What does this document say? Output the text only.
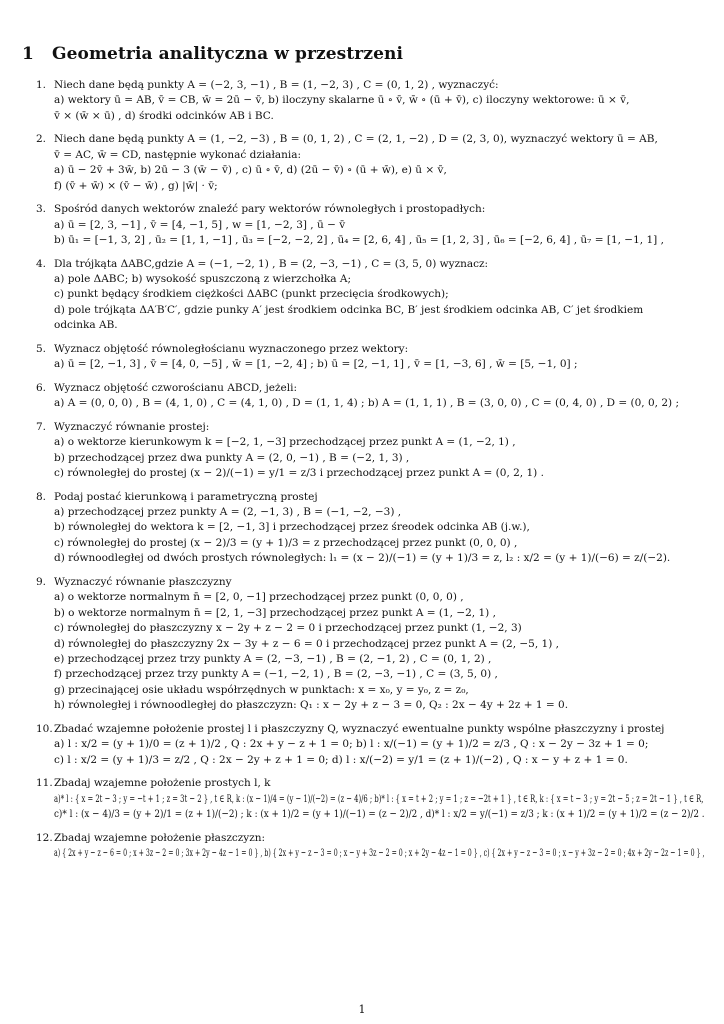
1 Geometria analityczna w przestrzeni
1. Niech dane będą punkty A = (−2, 3, −1) , B = (1, −2, 3) , C = (0, 1, 2) , wyznaczyć:
a) wektory ū = AB, v̄ = CB, w̄ = 2ū − v̄, b) iloczyny skalarne ū ∘ v̄, w̄ ∘ (ū + v̄), c) iloczyny wektorowe: ū × v̄,
v̄ × (w̄ × ū) , d) środki odcinków AB i BC.
2. Niech dane będą punkty A = (1, −2, −3) , B = (0, 1, 2) , C = (2, 1, −2) , D = (2, 3, 0), wyznaczyć wektory ū = AB,
v̄ = AC, w̄ = CD, następnie wykonać działania:
a) ū − 2v̄ + 3w̄, b) 2ū − 3 (w̄ − v̄) , c) ū ∘ v̄, d) (2ū − v̄) ∘ (ū + w̄), e) ū × v̄,
f) (v̄ + w̄) × (v̄ − w̄) , g) |w̄| · v̄;
3. Spośród danych wektorów znaleźć pary wektorów równoległych i prostopadłych:
a) ū = [2, 3, −1] , v̄ = [4, −1, 5] , w = [1, −2, 3] , ū − v̄
b) ū₁ = [−1, 3, 2] , ū₂ = [1, 1, −1] , ū₃ = [−2, −2, 2] , ū₄ = [2, 6, 4] , ū₅ = [1, 2, 3] , ū₆ = [−2, 6, 4] , ū₇ = [1, −1, 1] ,
4. Dla trójkąta ΔABC,gdzie A = (−1, −2, 1) , B = (2, −3, −1) , C = (3, 5, 0) wyznacz:
a) pole ΔABC; b) wysokość spuszczoną z wierzchołka A;
c) punkt będący środkiem ciężkości ΔABC (punkt przecięcia środkowych);
d) pole trójkąta ΔA′B′C′, gdzie punky A′ jest środkiem odcinka BC, B′ jest środkiem odcinka AB, C′ jet środkiem
odcinka AB.
5. Wyznacz objętość równoległościanu wyznaczonego przez wektory:
a) ū = [2, −1, 3] , v̄ = [4, 0, −5] , w̄ = [1, −2, 4] ; b) ū = [2, −1, 1] , v̄ = [1, −3, 6] , w̄ = [5, −1, 0] ;
6. Wyznacz objętość czworościanu ABCD, jeżeli:
a) A = (0, 0, 0) , B = (4, 1, 0) , C = (4, 1, 0) , D = (1, 1, 4) ; b) A = (1, 1, 1) , B = (3, 0, 0) , C = (0, 4, 0) , D = (0, 0, 2) ;
7. Wyznaczyć równanie prostej:
a) o wektorze kierunkowym k = [−2, 1, −3] przechodzącej przez punkt A = (1, −2, 1) ,
b) przechodzącej przez dwa punkty A = (2, 0, −1) , B = (−2, 1, 3) ,
c) równoległej do prostej (x − 2)/(−1) = y/1 = z/3 i przechodzącej przez punkt A = (0, 2, 1) .
8. Podaj postać kierunkową i parametryczną prostej
a) przechodzącej przez punkty A = (2, −1, 3) , B = (−1, −2, −3) ,
b) równoległej do wektora k = [2, −1, 3] i przechodzącej przez śreodek odcinka AB (j.w.),
c) równoległej do prostej (x − 2)/3 = (y + 1)/3 = z przechodzącej przez punkt (0, 0, 0) ,
d) równoodległej od dwóch prostych równoległych: l₁ = (x − 2)/(−1) = (y + 1)/3 = z, l₂ : x/2 = (y + 1)/(−6) = z/(−2).
9. Wyznaczyć równanie płaszczyzny
a) o wektorze normalnym n̄ = [2, 0, −1] przechodzącej przez punkt (0, 0, 0) ,
b) o wektorze normalnym n̄ = [2, 1, −3] przechodzącej przez punkt A = (1, −2, 1) ,
c) równoległej do płaszczyzny x − 2y + z − 2 = 0 i przechodzącej przez punkt (1, −2, 3)
d) równoległej do płaszczyzny 2x − 3y + z − 6 = 0 i przechodzącej przez punkt A = (2, −5, 1) ,
e) przechodzącej przez trzy punkty A = (2, −3, −1) , B = (2, −1, 2) , C = (0, 1, 2) ,
f) przechodzącej przez trzy punkty A = (−1, −2, 1) , B = (2, −3, −1) , C = (3, 5, 0) ,
g) przecinającej osie układu współrzędnych w punktach: x = x₀, y = y₀, z = z₀,
h) równoległej i równoodległej do płaszczyzn: Q₁ : x − 2y + z − 3 = 0, Q₂ : 2x − 4y + 2z + 1 = 0.
10. Zbadać wzajemne położenie prostej l i płaszczyzny Q, wyznaczyć ewentualne punkty wspólne płaszczyzny i prostej
a) l : x/2 = (y + 1)/0 = (z + 1)/2 , Q : 2x + y − z + 1 = 0; b) l : x/(−1) = (y + 1)/2 = z/3 , Q : x − 2y − 3z + 1 = 0;
c) l : x/2 = (y + 1)/3 = z/2 , Q : 2x − 2y + z + 1 = 0; d) l : x/(−2) = y/1 = (z + 1)/(−2) , Q : x − y + z + 1 = 0.
11. Zbadaj wzajemne położenie prostych l, k
a)* l : { x = 2t − 3 ; y = −t + 1 ; z = 3t − 2 } , t ∈ R, k : (x − 1)/4 = (y − 1)/(−2) = (z − 4)/6 ; b)* l : { x = t + 2 ; y = 1 ; z = −2t + 1 } , t ∈ R, k : { x = t − 3 ; y = 2t − 5 ; z = 2t − 1 } , t ∈ R,
c)* l : (x − 4)/3 = (y + 2)/1 = (z + 1)/(−2) ; k : (x + 1)/2 = (y + 1)/(−1) = (z − 2)/2 , d)* l : x/2 = y/(−1) = z/3 ; k : (x + 1)/2 = (y + 1)/2 = (z − 2)/2 .
12. Zbadaj wzajemne położenie płaszczyzn:
a) { 2x + y − z − 6 = 0 ; x + 3z − 2 = 0 ; 3x + 2y − 4z − 1 = 0 } , b) { 2x + y − z − 3 = 0 ; x − y + 3z − 2 = 0 ; x + 2y − 4z − 1 = 0 } , c) { 2x + y − z − 3 = 0 ; x − y + 3z − 2 = 0 ; 4x + 2y − 2z − 1 = 0 } ,
1
